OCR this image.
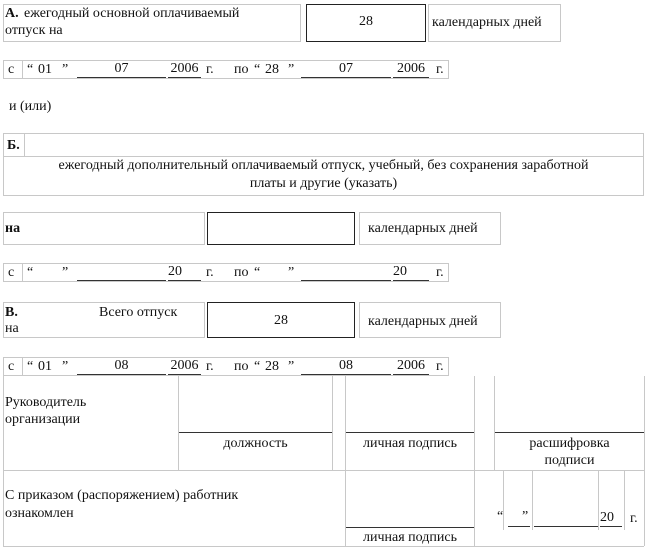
А. ежегодный основной оплачиваемый
отпуск на
28	календарных дней
с “ 01 ”	07	2006 г. по “ 28 ”	07	2006 г.
и (или)
Б.
ежегодный дополнительный оплачиваемый отпуск, учебный, без сохранения заработной
платы и другие (указать)
на	календарных дней
с “ ”	20	г. по “ ”	20	г.
В.	Всего отпуск
на
28	календарных дней
с “ 01 ”	08	2006 г. по “ 28 ”	08	2006 г.
Руководитель
организации
должность	личная подпись	расшифровка
подписи
С приказом (распоряжением) работник
ознакомлен
личная подпись
“ ”	20	г.
